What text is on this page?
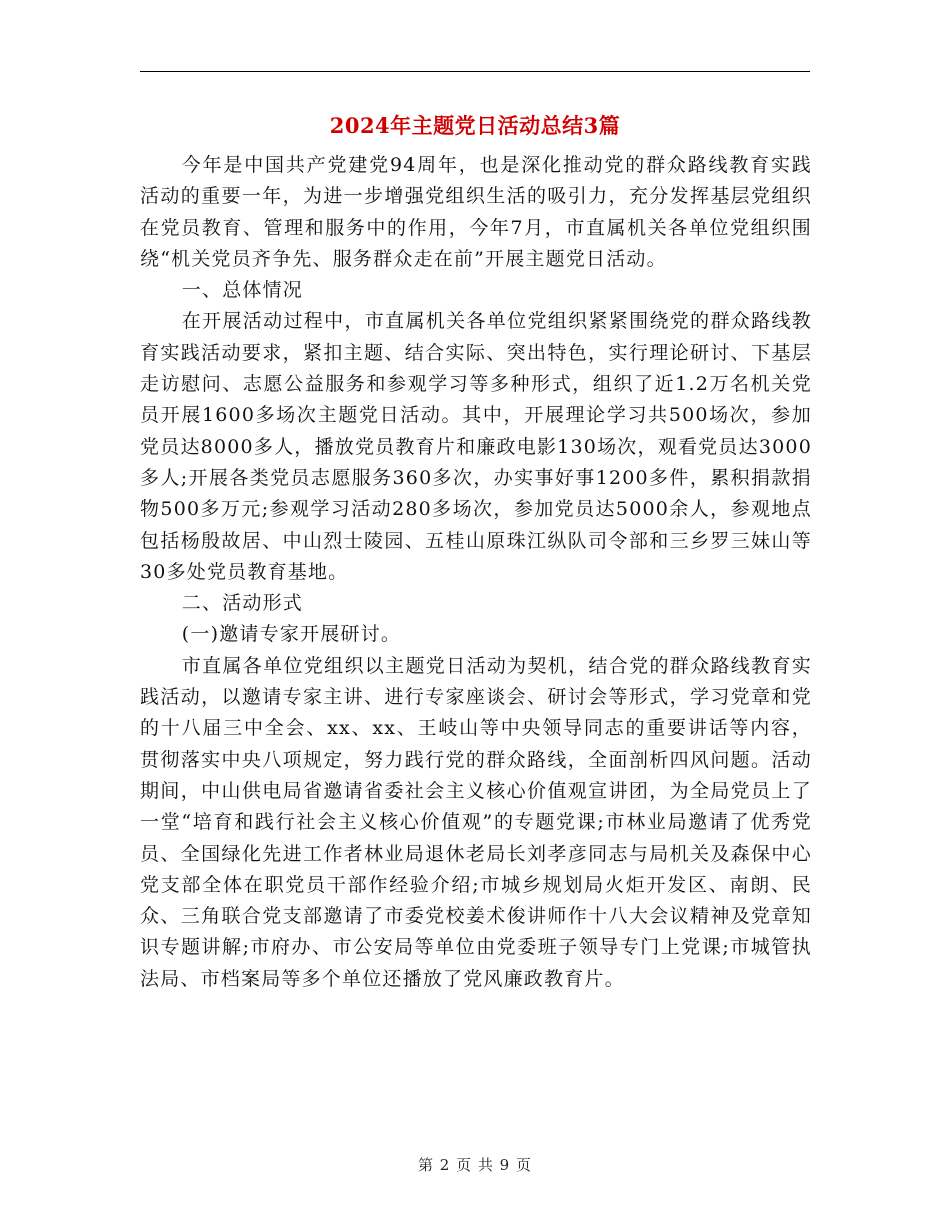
2024年主题党日活动总结3篇

今年是中国共产党建党94周年，也是深化推动党的群众路线教育实践活动的重要一年，为进一步增强党组织生活的吸引力，充分发挥基层党组织在党员教育、管理和服务中的作用，今年7月，市直属机关各单位党组织围绕“机关党员齐争先、服务群众走在前”开展主题党日活动。

一、总体情况

在开展活动过程中，市直属机关各单位党组织紧紧围绕党的群众路线教育实践活动要求，紧扣主题、结合实际、突出特色，实行理论研讨、下基层走访慰问、志愿公益服务和参观学习等多种形式，组织了近1.2万名机关党员开展1600多场次主题党日活动。其中，开展理论学习共500场次，参加党员达8000多人，播放党员教育片和廉政电影130场次，观看党员达3000多人;开展各类党员志愿服务360多次，办实事好事1200多件，累积捐款捐物500多万元;参观学习活动280多场次，参加党员达5000余人，参观地点包括杨殷故居、中山烈士陵园、五桂山原珠江纵队司令部和三乡罗三妹山等30多处党员教育基地。

二、活动形式

(一)邀请专家开展研讨。

市直属各单位党组织以主题党日活动为契机，结合党的群众路线教育实践活动，以邀请专家主讲、进行专家座谈会、研讨会等形式，学习党章和党的十八届三中全会、xx、xx、王岐山等中央领导同志的重要讲话等内容，贯彻落实中央八项规定，努力践行党的群众路线，全面剖析四风问题。活动期间，中山供电局省邀请省委社会主义核心价值观宣讲团，为全局党员上了一堂“培育和践行社会主义核心价值观”的专题党课;市林业局邀请了优秀党员、全国绿化先进工作者林业局退休老局长刘孝彦同志与局机关及森保中心党支部全体在职党员干部作经验介绍;市城乡规划局火炬开发区、南朗、民众、三角联合党支部邀请了市委党校姜术俊讲师作十八大会议精神及党章知识专题讲解;市府办、市公安局等单位由党委班子领导专门上党课;市城管执法局、市档案局等多个单位还播放了党风廉政教育片。

第 2 页 共 9 页
